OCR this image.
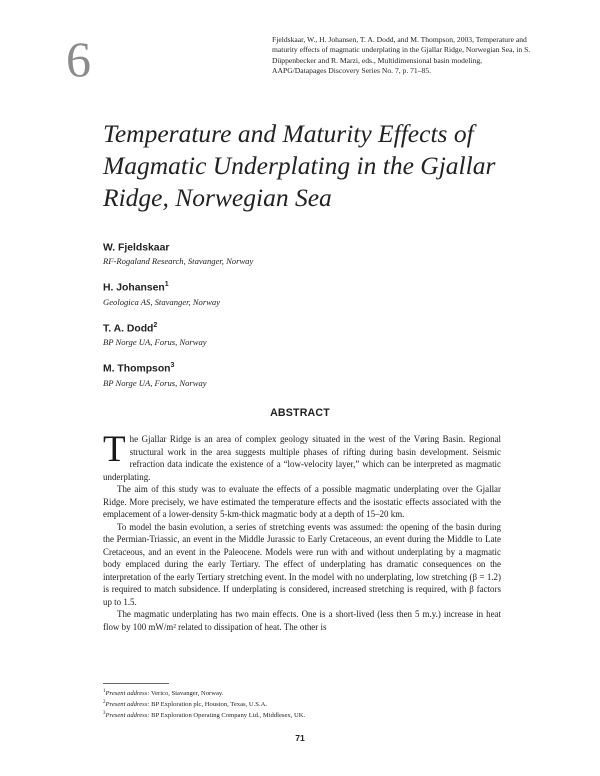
6	Fjeldskaar, W., H. Johansen, T. A. Dodd, and M. Thompson, 2003, Temperature and maturity effects of magmatic underplating in the Gjallar Ridge, Norwegian Sea, in S. Düppenbecker and R. Marzi, eds., Multidimensional basin modeling, AAPG/Datapages Discovery Series No. 7, p. 71–85.
Temperature and Maturity Effects of Magmatic Underplating in the Gjallar Ridge, Norwegian Sea
W. Fjeldskaar
RF-Rogaland Research, Stavanger, Norway
H. Johansen$^1$
Geologica AS, Stavanger, Norway
T. A. Dodd$^2$
BP Norge UA, Forus, Norway
M. Thompson$^3$
BP Norge UA, Forus, Norway
ABSTRACT

The Gjallar Ridge is an area of complex geology situated in the west of the Vøring Basin. Regional structural work in the area suggests multiple phases of rifting during basin development. Seismic refraction data indicate the existence of a “low-velocity layer,” which can be interpreted as magmatic underplating.

The aim of this study was to evaluate the effects of a possible magmatic underplating over the Gjallar Ridge. More precisely, we have estimated the temperature effects and the isostatic effects associated with the emplacement of a lower-density 5-km-thick magmatic body at a depth of 15–20 km.

To model the basin evolution, a series of stretching events was assumed: the opening of the basin during the Permian-Triassic, an event in the Middle Jurassic to Early Cretaceous, an event during the Middle to Late Cretaceous, and an event in the Paleocene. Models were run with and without underplating by a magmatic body emplaced during the early Tertiary. The effect of underplating has dramatic consequences on the interpretation of the early Tertiary stretching event. In the model with no underplating, low stretching (β = 1.2) is required to match subsidence. If underplating is considered, increased stretching is required, with β factors up to 1.5.

The magmatic underplating has two main effects. One is a short-lived (less then 5 m.y.) increase in heat flow by 100 mW/m² related to dissipation of heat. The other is

$^1$Present address: Verico, Stavanger, Norway.
$^2$Present address: BP Exploration plc, Houston, Texas, U.S.A.
$^3$Present address: BP Exploration Operating Company Ltd., Middlesex, UK.
71
